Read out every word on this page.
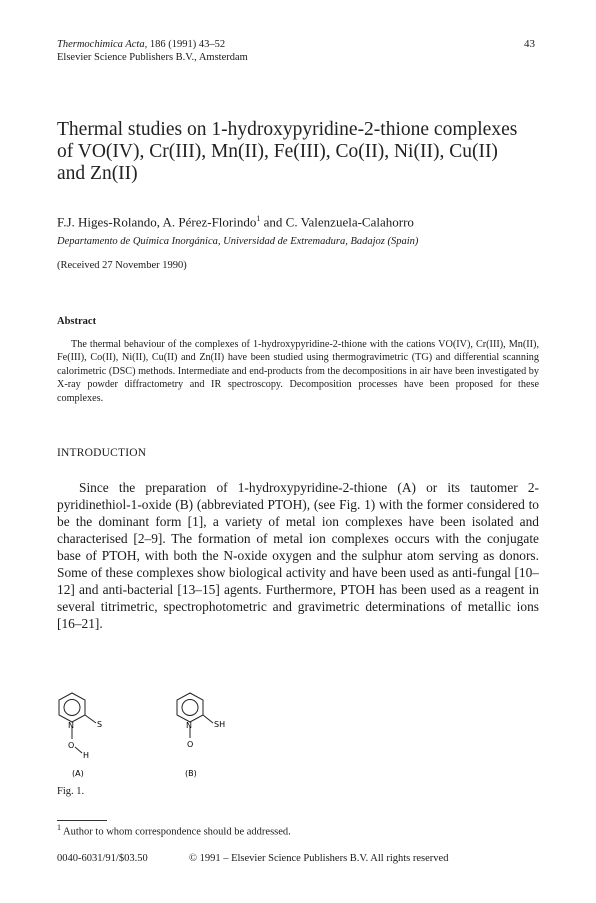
Thermochimica Acta, 186 (1991) 43–52	43
Elsevier Science Publishers B.V., Amsterdam
Thermal studies on 1-hydroxypyridine-2-thione complexes
of VO(IV), Cr(III), Mn(II), Fe(III), Co(II), Ni(II), Cu(II)
and Zn(II)
F.J. Higes-Rolando, A. Pérez-Florindo$^1$ and C. Valenzuela-Calahorro
Departamento de Química Inorgánica, Universidad de Extremadura, Badajoz (Spain)
(Received 27 November 1990)
Abstract
The thermal behaviour of the complexes of 1-hydroxypyridine-2-thione with the cations VO(IV), Cr(III), Mn(II), Fe(III), Co(II), Ni(II), Cu(II) and Zn(II) have been studied using thermogravimetric (TG) and differential scanning calorimetric (DSC) methods. Intermediate and end-products from the decompositions in air have been investigated by X-ray powder diffractometry and IR spectroscopy. Decomposition processes have been proposed for these complexes.
INTRODUCTION
Since the preparation of 1-hydroxypyridine-2-thione (A) or its tautomer 2-pyridinethiol-1-oxide (B) (abbreviated PTOH), (see Fig. 1) with the former considered to be the dominant form [1], a variety of metal ion complexes have been isolated and characterised [2–9]. The formation of metal ion complexes occurs with the conjugate base of PTOH, with both the N-oxide oxygen and the sulphur atom serving as donors. Some of these complexes show biological activity and have been used as anti-fungal [10–12] and anti-bacterial [13–15] agents. Furthermore, PTOH has been used as a reagent in several titrimetric, spectrophotometric and gravimetric determinations of metallic ions [16–21].
N	S
O
H
(A)
N	SH
O
(B)
Fig. 1.
$^1$ Author to whom correspondence should be addressed.
0040-6031/91/$03.50	© 1991 – Elsevier Science Publishers B.V. All rights reserved
